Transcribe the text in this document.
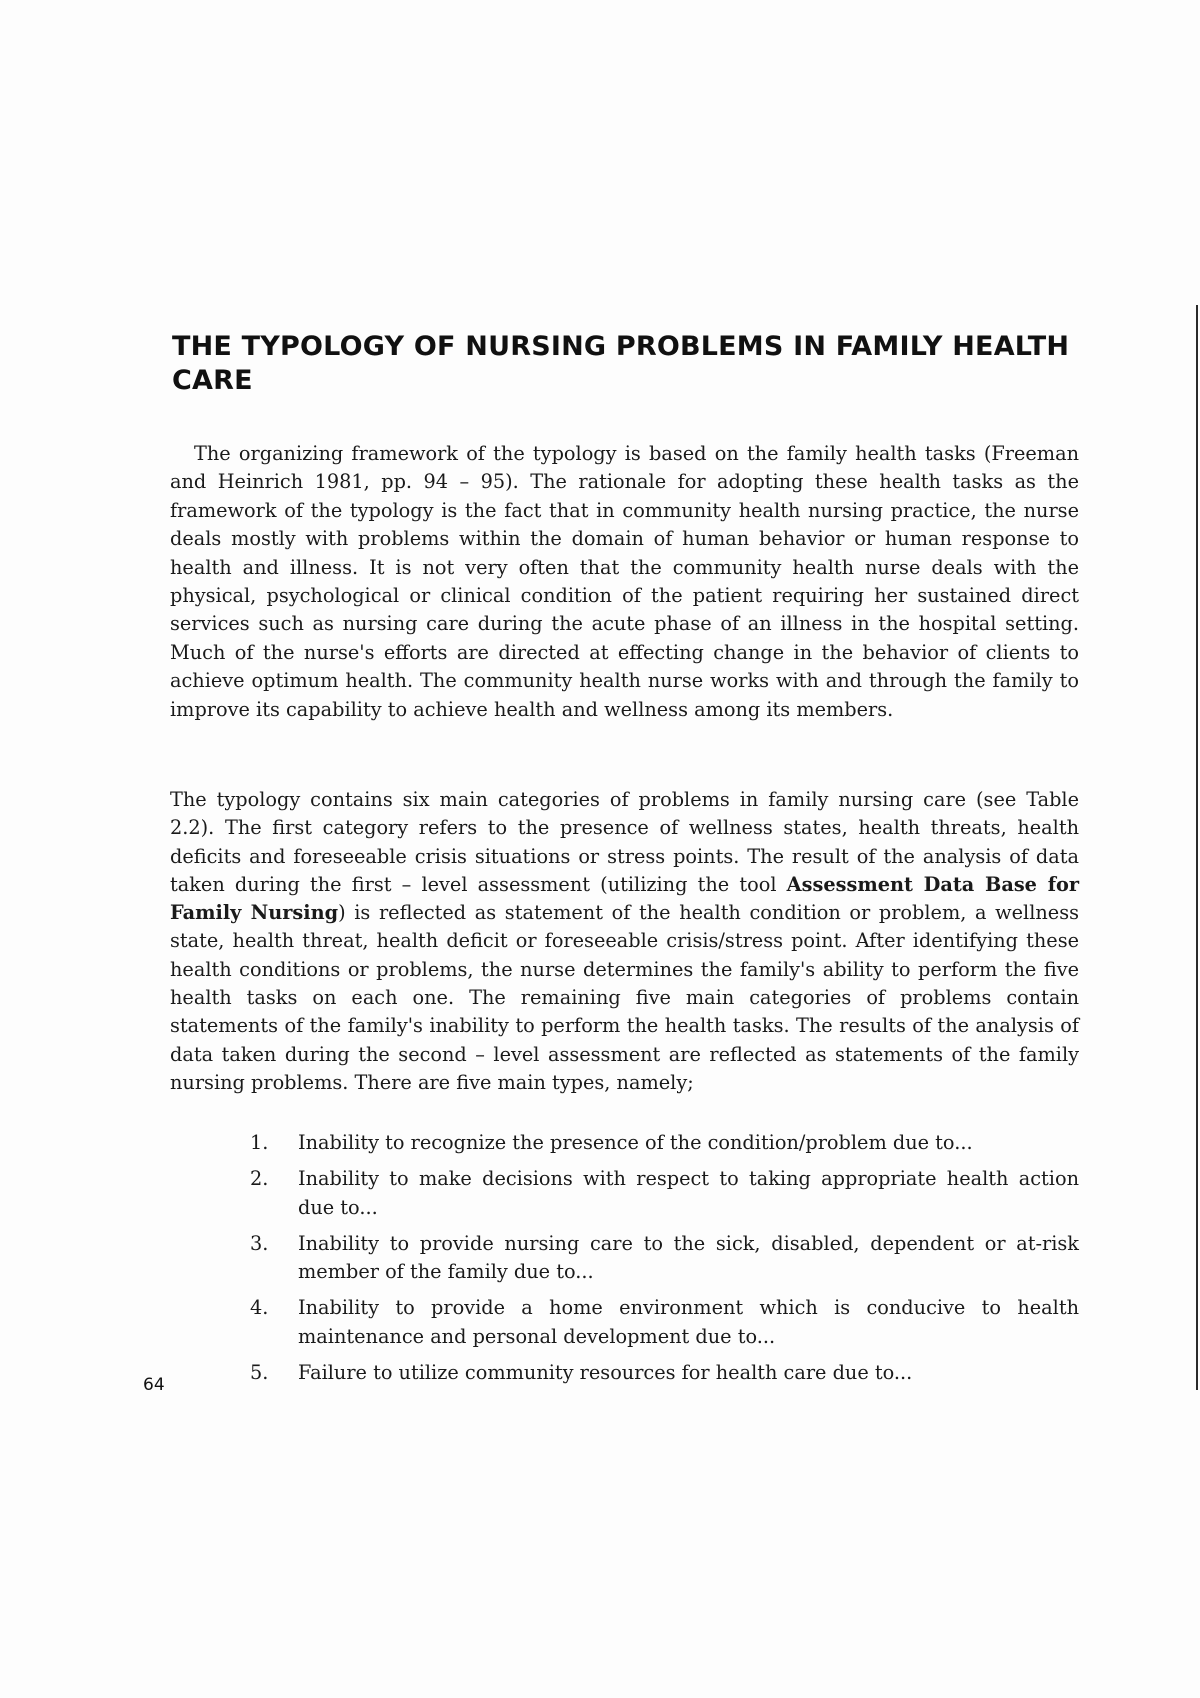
THE TYPOLOGY OF NURSING PROBLEMS IN FAMILY HEALTH CARE

The organizing framework of the typology is based on the family health tasks (Freeman and Heinrich 1981, pp. 94 – 95). The rationale for adopting these health tasks as the framework of the typology is the fact that in community health nursing practice, the nurse deals mostly with problems within the domain of human behavior or human response to health and illness. It is not very often that the community health nurse deals with the physical, psychological or clinical condition of the patient requiring her sustained direct services such as nursing care during the acute phase of an illness in the hospital setting. Much of the nurse's efforts are directed at effecting change in the behavior of clients to achieve optimum health. The community health nurse works with and through the family to improve its capability to achieve health and wellness among its members.

The typology contains six main categories of problems in family nursing care (see Table 2.2). The first category refers to the presence of wellness states, health threats, health deficits and foreseeable crisis situations or stress points. The result of the analysis of data taken during the first – level assessment (utilizing the tool Assessment Data Base for Family Nursing) is reflected as statement of the health condition or problem, a wellness state, health threat, health deficit or foreseeable crisis/stress point. After identifying these health conditions or problems, the nurse determines the family's ability to perform the five health tasks on each one. The remaining five main categories of problems contain statements of the family's inability to perform the health tasks. The results of the analysis of data taken during the second – level assessment are reflected as statements of the family nursing problems. There are five main types, namely;

1.	Inability to recognize the presence of the condition/problem due to...
2.	Inability to make decisions with respect to taking appropriate health action due to...
3.	Inability to provide nursing care to the sick, disabled, dependent or at-risk member of the family due to...
4.	Inability to provide a home environment which is conducive to health maintenance and personal development due to...
5.	Failure to utilize community resources for health care due to...

64
